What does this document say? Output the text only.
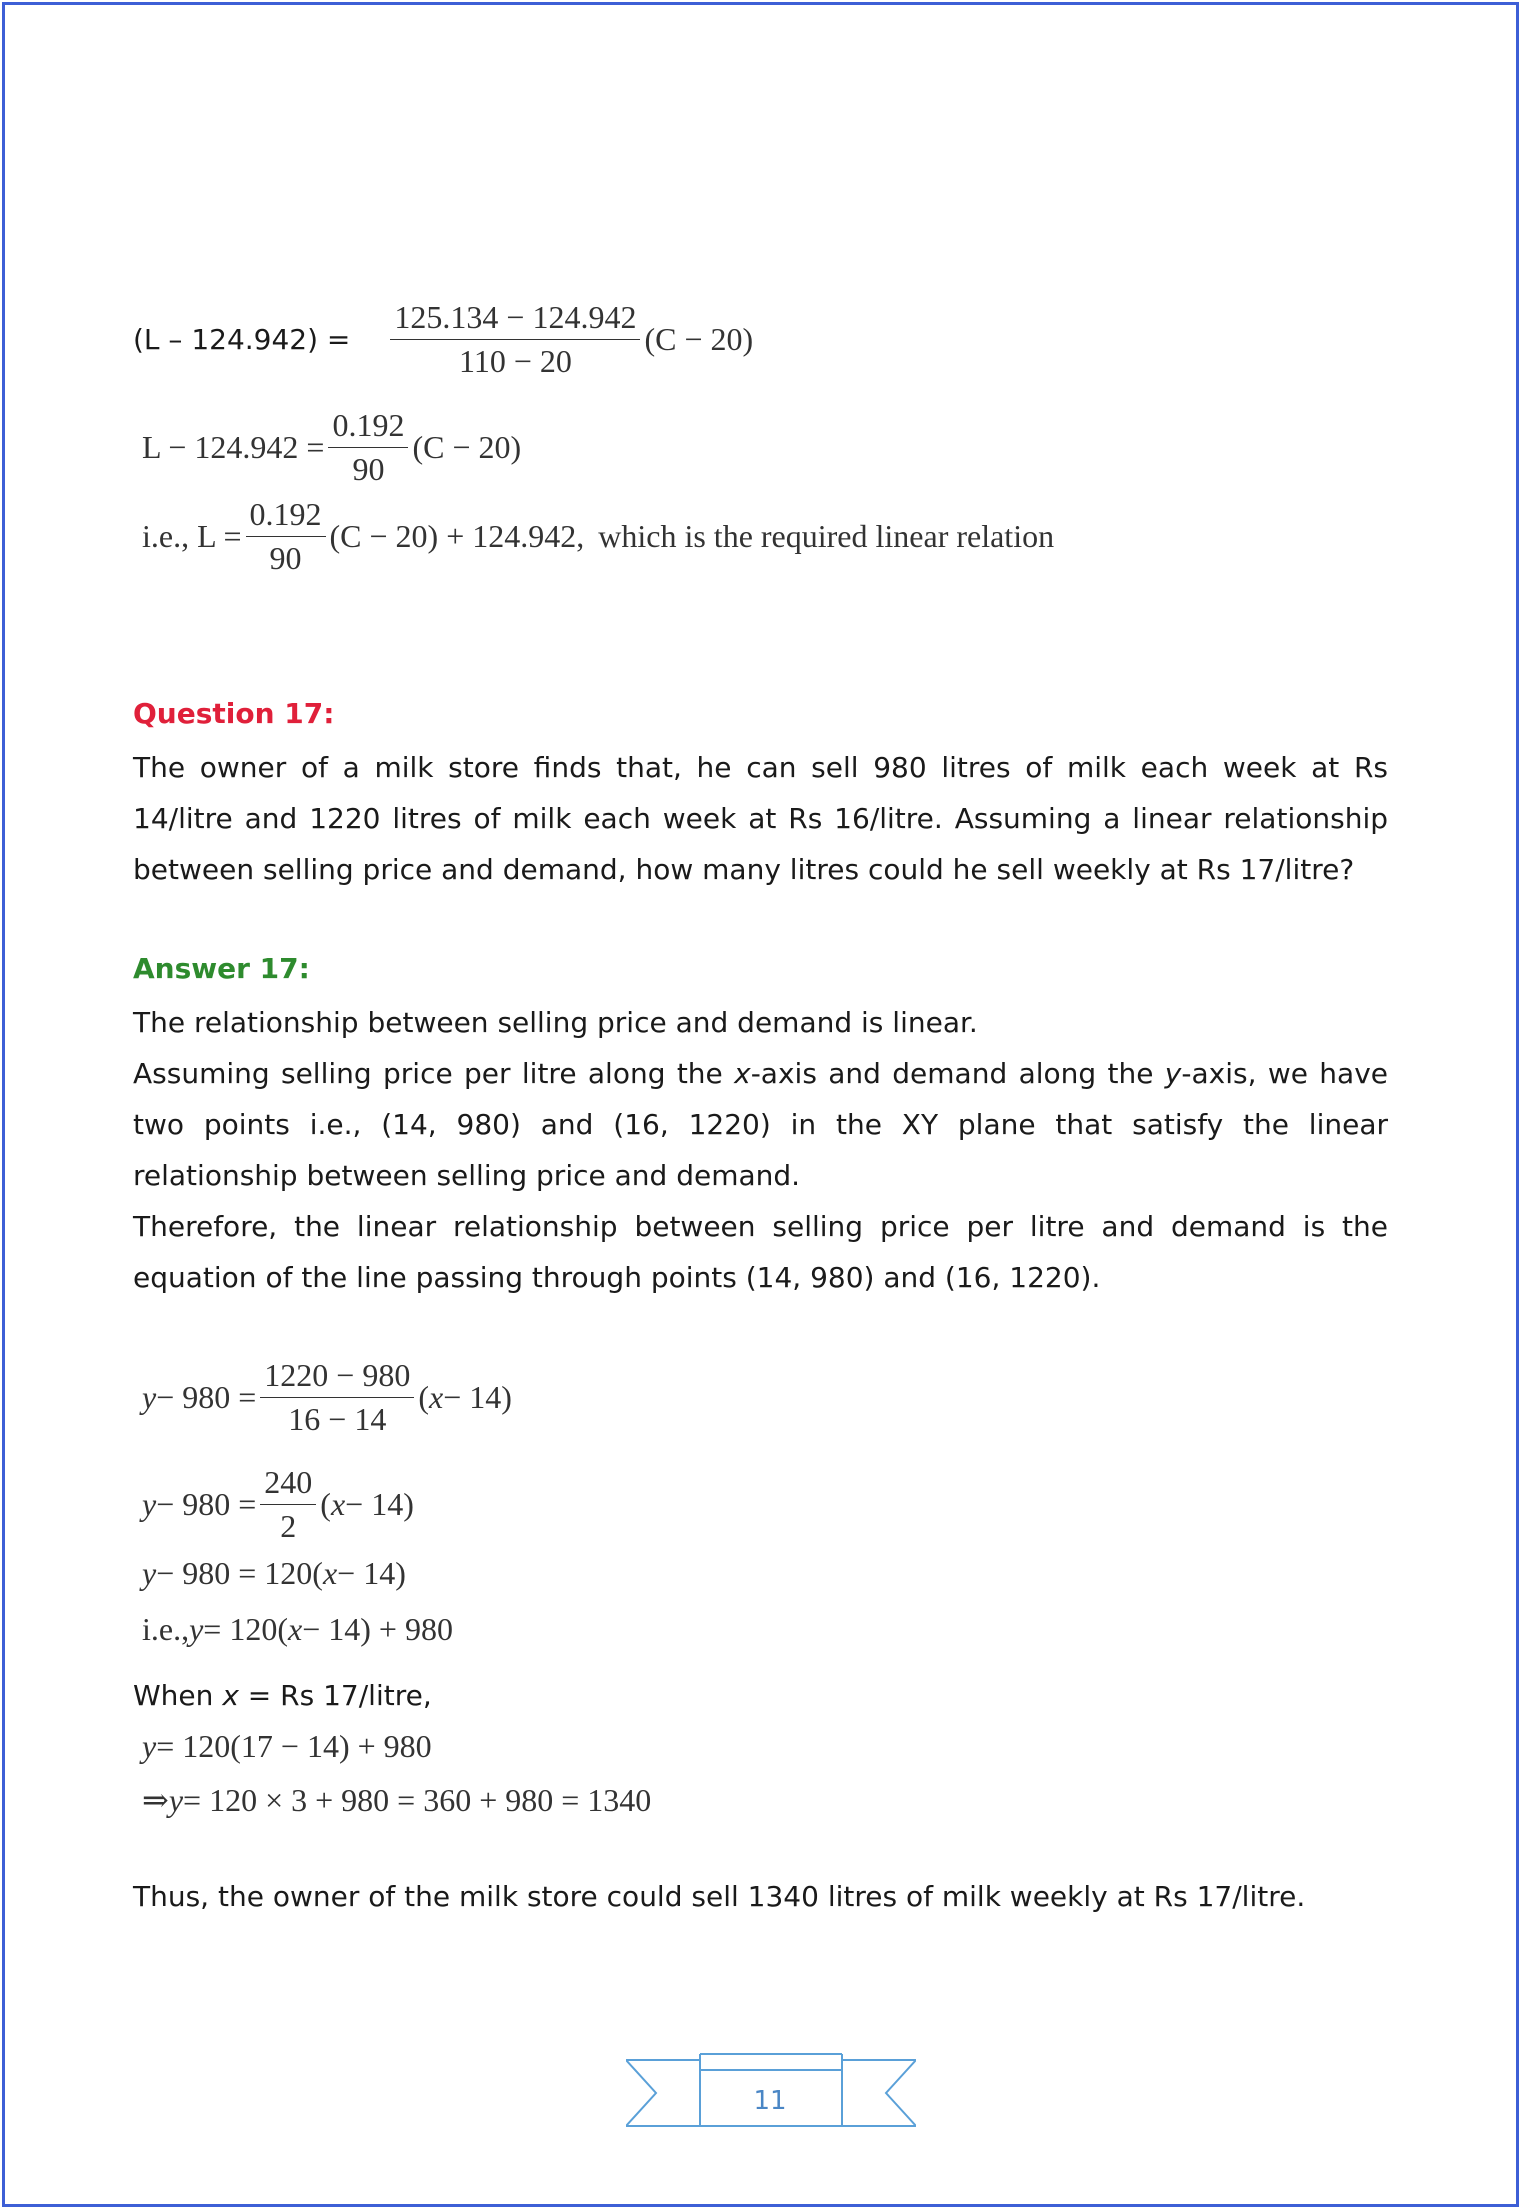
$(L - 124.942) = \frac{125.134 - 124.942}{110 - 20} (C - 20)$
$L - 124.942 = \frac{0.192}{90} (C - 20)$
i.e., $L = \frac{0.192}{90} (C - 20) + 124.942$, which is the required linear relation
Question 17:

The owner of a milk store finds that, he can sell 980 litres of milk each week at Rs 14/litre and 1220 litres of milk each week at Rs 16/litre. Assuming a linear relationship between selling price and demand, how many litres could he sell weekly at Rs 17/litre?

Answer 17:

The relationship between selling price and demand is linear.

Assuming selling price per litre along the x-axis and demand along the y-axis, we have two points i.e., (14, 980) and (16, 1220) in the XY plane that satisfy the linear relationship between selling price and demand.

Therefore, the linear relationship between selling price per litre and demand is the equation of the line passing through points (14, 980) and (16, 1220).

$y - 980 = \frac{1220 - 980}{16 - 14}$ ( x − 14)
$y - 980 = \frac{240}{2}$ ( x − 14)
y − 980 = 120( x − 14)
i.e., y = 120( x − 14) + 980

When x = Rs 17/litre,

y = 120(17 − 14) + 980
⇒ y = 120 × 3 + 980 = 360 + 980 = 1340

Thus, the owner of the milk store could sell 1340 litres of milk weekly at Rs 17/litre.

11
